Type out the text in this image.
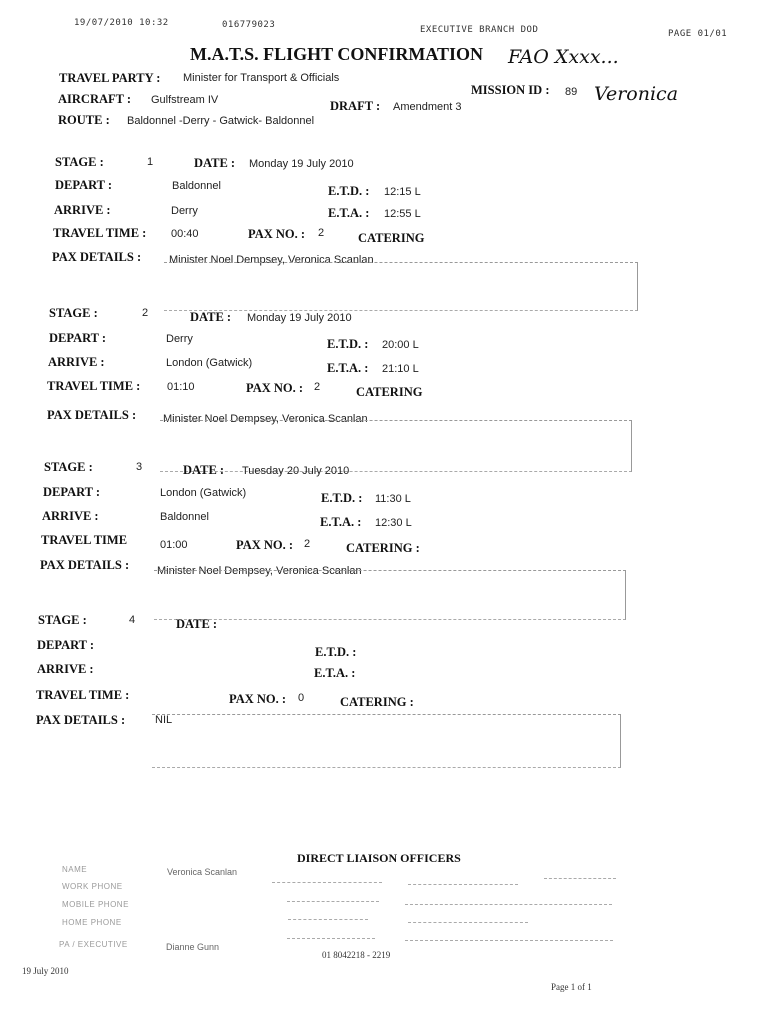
19/07/2010 10:32	016779023	EXECUTIVE BRANCH DOD	PAGE 01/01
M.A.T.S. FLIGHT CONFIRMATION FAO Xxxx...
Veronica
TRAVEL PARTY : Minister for Transport & Officials
MISSION ID : 89
AIRCRAFT : Gulfstream IV	DRAFT : Amendment 3
ROUTE : Baldonnel -Derry - Gatwick- Baldonnel
STAGE :	1	DATE : Monday 19 July 2010
DEPART :	Baldonnel	E.T.D. : 12:15 L
ARRIVE :	Derry	E.T.A. : 12:55 L
TRAVEL TIME : 00:40	PAX NO. : 2	CATERING
PAX DETAILS :	Minister Noel Dempsey, Veronica Scanlan
STAGE :	2	DATE : Monday 19 July 2010
DEPART :	Derry	E.T.D. : 20:00 L
ARRIVE :	London (Gatwick)	E.T.A. : 21:10 L
TRAVEL TIME : 01:10	PAX NO. : 2	CATERING
PAX DETAILS : Minister Noel Dempsey, Veronica Scanlan
STAGE :	3	DATE : Tuesday 20 July 2010
DEPART :	London (Gatwick)	E.T.D. : 11:30 L
ARRIVE :	Baldonnel	E.T.A. : 12:30 L
TRAVEL TIME	01:00	PAX NO. : 2	CATERING :
PAX DETAILS :	Minister Noel Dempsey, Veronica Scanlan
STAGE :	4	DATE :
DEPART :	E.T.D. :
ARRIVE :	E.T.A. :
TRAVEL TIME :	PAX NO. : 0	CATERING :
PAX DETAILS :	NIL
DIRECT LIAISON OFFICERS
NAME	Veronica Scanlan
WORK PHONE
MOBILE PHONE
HOME PHONE
PA / EXECUTIVE	Dianne Gunn
01 8042218 - 2219
19 July 2010
Page 1 of 1
